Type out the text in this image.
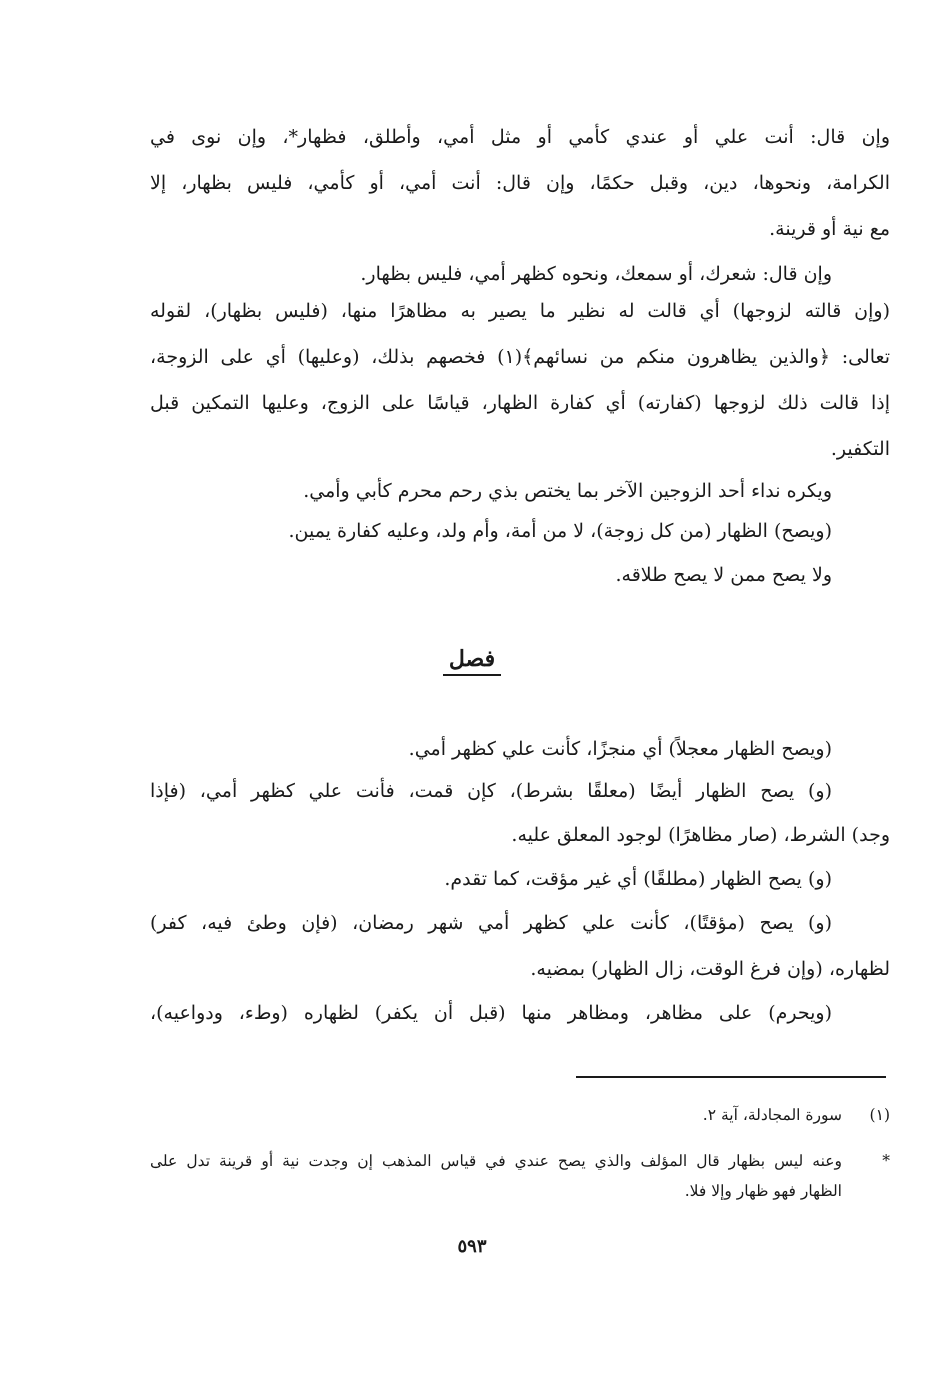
وإن قال: أنت علي أو عندي كأمي أو مثل أمي، وأطلق، فظهار*، وإن نوى في
الكرامة، ونحوها، دين، وقبل حكمًا، وإن قال: أنت أمي، أو كأمي، فليس بظهار، إلا
مع نية أو قرينة.
وإن قال: شعرك، أو سمعك، ونحوه كظهر أمي، فليس بظهار.
(وإن قالته لزوجها) أي قالت له نظير ما يصير به مظاهرًا منها، (فليس بظهار)، لقوله
تعالى: ﴿والذين يظاهرون منكم من نسائهم﴾(١) فخصهم بذلك، (وعليها) أي على الزوجة،
إذا قالت ذلك لزوجها (كفارته) أي كفارة الظهار، قياسًا على الزوج، وعليها التمكين قبل
التكفير.
ويكره نداء أحد الزوجين الآخر بما يختص بذي رحم محرم كأبي وأمي.
(ويصح) الظهار (من كل زوجة)، لا من أمة، وأم ولد، وعليه كفارة يمين.
ولا يصح ممن لا يصح طلاقه.
فصل
(ويصح الظهار معجلاً) أي منجزًا، كأنت علي كظهر أمي.
(و) يصح الظهار أيضًا (معلقًا بشرط)، كإن قمت، فأنت علي كظهر أمي، (فإذا
وجد) الشرط، (صار مظاهرًا) لوجود المعلق عليه.
(و) يصح الظهار (مطلقًا) أي غير مؤقت، كما تقدم.
(و) يصح (مؤقتًا)، كأنت علي كظهر أمي شهر رمضان، (فإن وطئ فيه، كفر)
لظهاره، (وإن فرغ الوقت، زال الظهار) بمضيه.
(ويحرم) على مظاهر، ومظاهر منها (قبل أن يكفر) لظهاره (وطء، ودواعيه)،
(١)
سورة المجادلة، آية ٢.
*
وعنه ليس بظهار قال المؤلف والذي يصح عندي في قياس المذهب إن وجدت نية أو قرينة تدل على
الظهار فهو ظهار وإلا فلا.
٥٩٣
